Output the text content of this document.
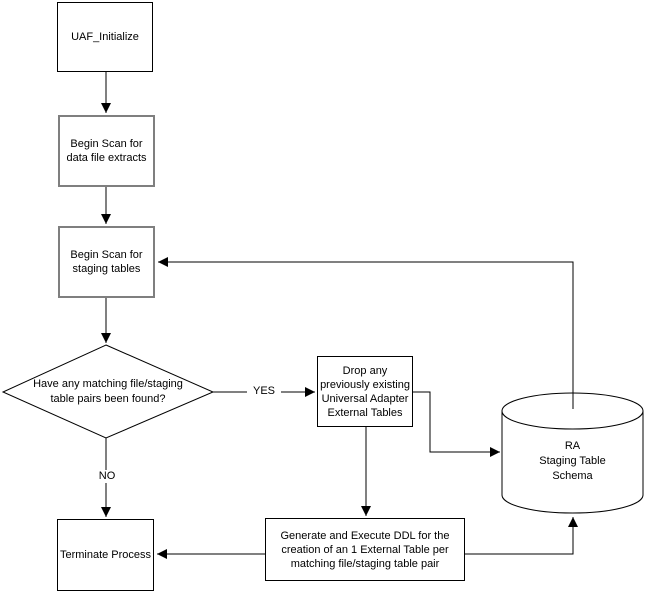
UAF_Initialize
Begin Scan for
data file extracts
Begin Scan for
staging tables
Drop any
previously existing
Universal Adapter
External Tables
Terminate Process
Generate and Execute DDL for the
creation of an 1 External Table per
matching file/staging table pair
Have any matching file/staging
table pairs been found?
RA
Staging Table
Schema
YES
NO
